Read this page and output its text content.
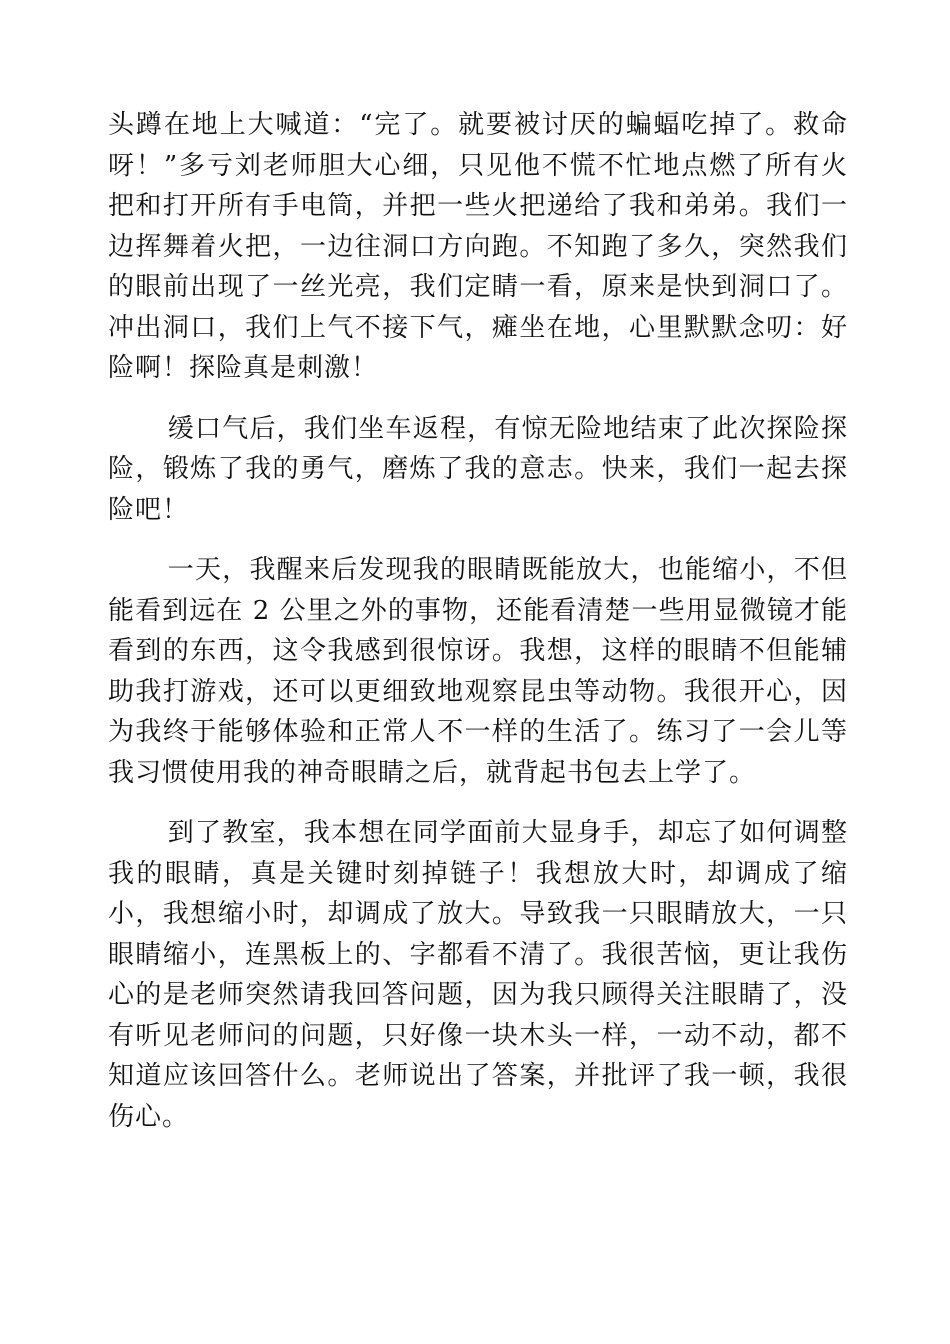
头蹲在地上大喊道：“完了。就要被讨厌的蝙蝠吃掉了。救命呀！”多亏刘老师胆大心细，只见他不慌不忙地点燃了所有火把和打开所有手电筒，并把一些火把递给了我和弟弟。我们一边挥舞着火把，一边往洞口方向跑。不知跑了多久，突然我们的眼前出现了一丝光亮，我们定睛一看，原来是快到洞口了。冲出洞口，我们上气不接下气，瘫坐在地，心里默默念叨：好险啊！探险真是刺激！

缓口气后，我们坐车返程，有惊无险地结束了此次探险探险，锻炼了我的勇气，磨炼了我的意志。快来，我们一起去探险吧！

一天，我醒来后发现我的眼睛既能放大，也能缩小，不但能看到远在 2 公里之外的事物，还能看清楚一些用显微镜才能看到的东西，这令我感到很惊讶。我想，这样的眼睛不但能辅助我打游戏，还可以更细致地观察昆虫等动物。我很开心，因为我终于能够体验和正常人不一样的生活了。练习了一会儿等我习惯使用我的神奇眼睛之后，就背起书包去上学了。

到了教室，我本想在同学面前大显身手，却忘了如何调整我的眼睛，真是关键时刻掉链子！我想放大时，却调成了缩小，我想缩小时，却调成了放大。导致我一只眼睛放大，一只眼睛缩小，连黑板上的、字都看不清了。我很苦恼，更让我伤心的是老师突然请我回答问题，因为我只顾得关注眼睛了，没有听见老师问的问题，只好像一块木头一样，一动不动，都不知道应该回答什么。老师说出了答案，并批评了我一顿，我很伤心。
